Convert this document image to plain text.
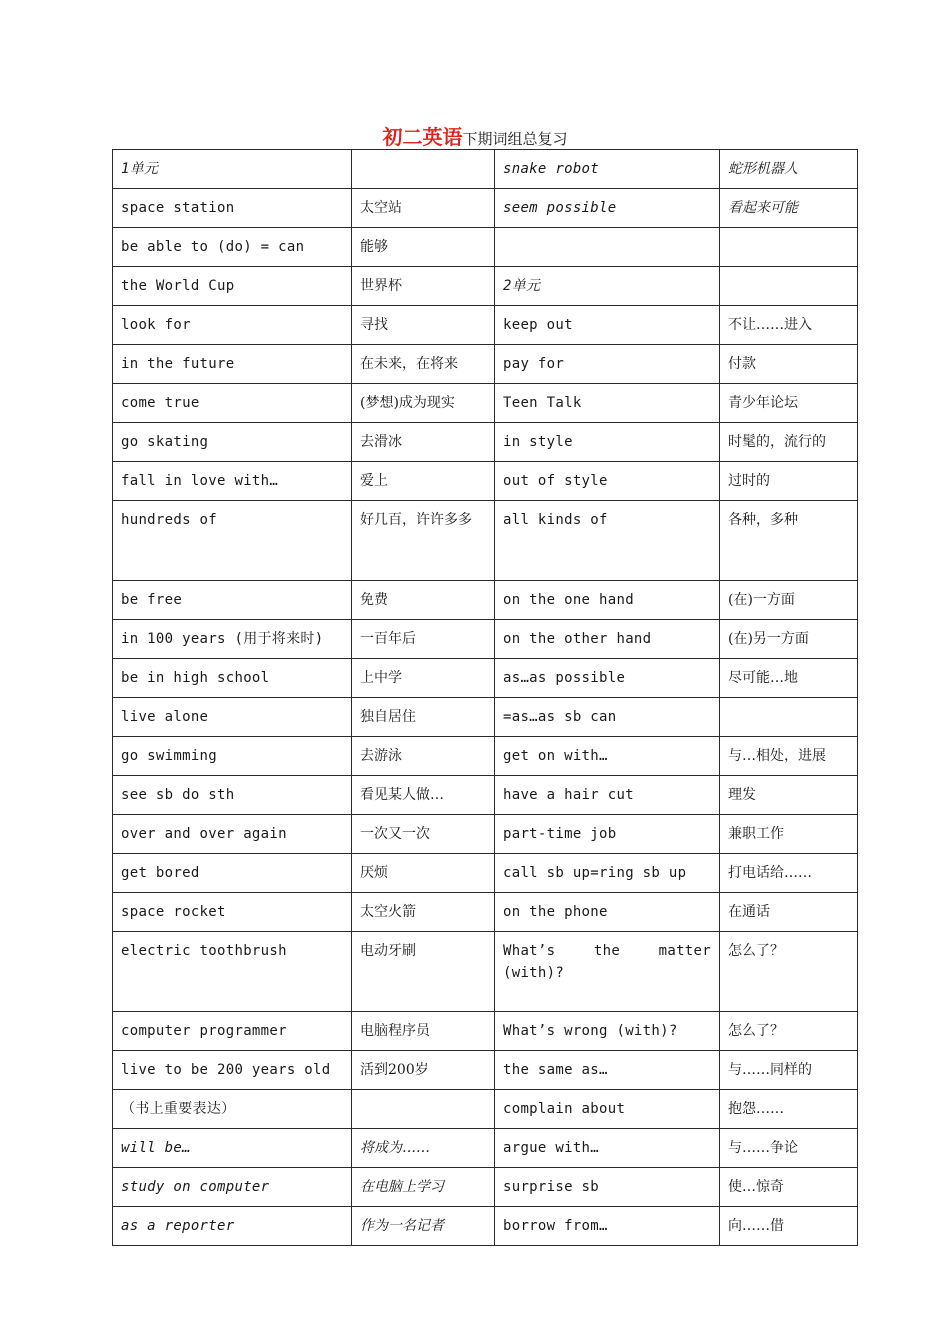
初二英语下期词组总复习
1单元		snake robot	蛇形机器人
space station	太空站	seem possible	看起来可能
be able to (do) = can	能够		
the World Cup	世界杯	2单元	
look for	寻找	keep out	不让……进入
in the future	在未来，在将来	pay for	付款
come true	(梦想)成为现实	Teen Talk	青少年论坛
go skating	去滑冰	in style	时髦的，流行的
fall in love with…	爱上	out of style	过时的
hundreds of	好几百，许许多多	all kinds of	各种，多种
be free	免费	on the one hand	(在)一方面
in 100 years (用于将来时)	一百年后	on the other hand	(在)另一方面
be in high school	上中学	as…as possible	尽可能…地
live alone	独自居住	=as…as sb can	
go swimming	去游泳	get on with…	与…相处，进展
see sb do sth	看见某人做…	have a hair cut	理发
over and over again	一次又一次	part-time job	兼职工作
get bored	厌烦	call sb up=ring sb up	打电话给……
space rocket	太空火箭	on the phone	在通话
electric toothbrush	电动牙刷	What’s the matter (with)?	怎么了？
computer programmer	电脑程序员	What’s wrong (with)?	怎么了？
live to be 200 years old	活到200岁	the same as…	与……同样的
（书上重要表达）		complain about	抱怨……
will be…	将成为……	argue with…	与……争论
study on computer	在电脑上学习	surprise sb	使…惊奇
as a reporter	作为一名记者	borrow from…	向……借
